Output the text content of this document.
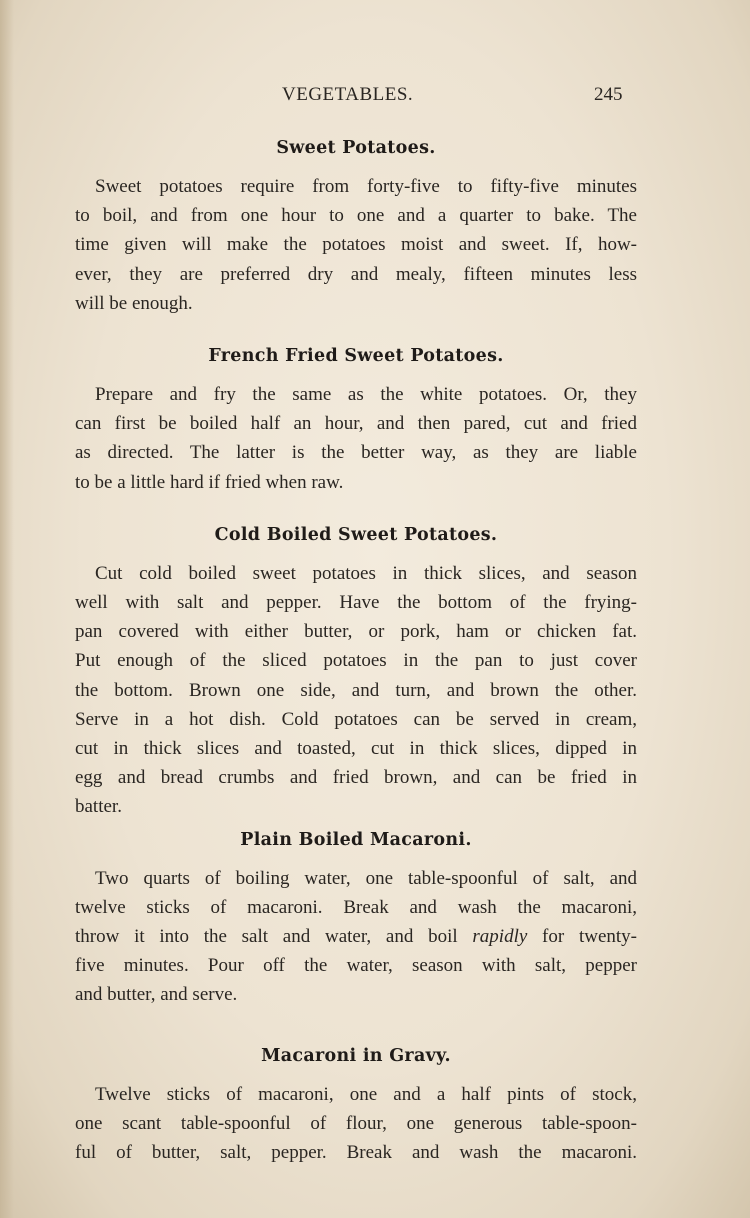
VEGETABLES.	245
Sweet Potatoes.

Sweet potatoes require from forty-five to fifty-five minutes
to boil, and from one hour to one and a quarter to bake. The
time given will make the potatoes moist and sweet. If, how-
ever, they are preferred dry and mealy, fifteen minutes less
will be enough.

French Fried Sweet Potatoes.

Prepare and fry the same as the white potatoes. Or, they
can first be boiled half an hour, and then pared, cut and fried
as directed. The latter is the better way, as they are liable
to be a little hard if fried when raw.

Cold Boiled Sweet Potatoes.

Cut cold boiled sweet potatoes in thick slices, and season
well with salt and pepper. Have the bottom of the frying-
pan covered with either butter, or pork, ham or chicken fat.
Put enough of the sliced potatoes in the pan to just cover
the bottom. Brown one side, and turn, and brown the other.
Serve in a hot dish. Cold potatoes can be served in cream,
cut in thick slices and toasted, cut in thick slices, dipped in
egg and bread crumbs and fried brown, and can be fried in
batter.

Plain Boiled Macaroni.

Two quarts of boiling water, one table-spoonful of salt, and
twelve sticks of macaroni. Break and wash the macaroni,
throw it into the salt and water, and boil rapidly for twenty-
five minutes. Pour off the water, season with salt, pepper
and butter, and serve.

Macaroni in Gravy.

Twelve sticks of macaroni, one and a half pints of stock,
one scant table-spoonful of flour, one generous table-spoon-
ful of butter, salt, pepper. Break and wash the macaroni.
